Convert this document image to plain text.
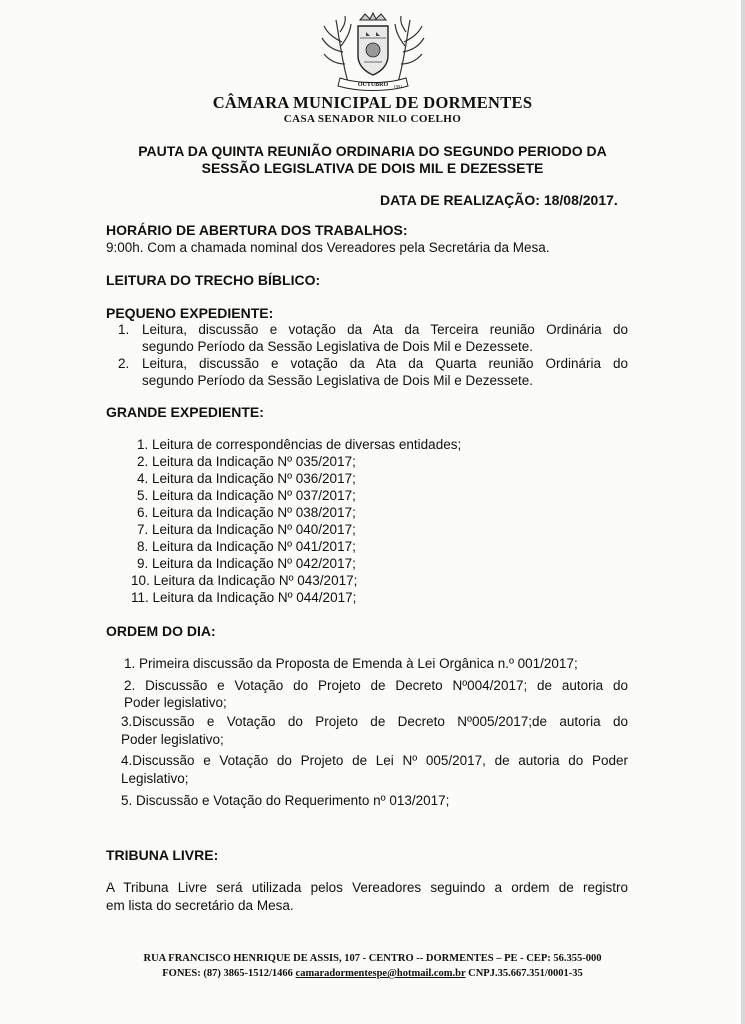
OUTUBRO 1991
CÂMARA MUNICIPAL DE DORMENTES
CASA SENADOR NILO COELHO
PAUTA DA QUINTA REUNIÃO ORDINARIA DO SEGUNDO PERIODO DA
SESSÃO LEGISLATIVA DE DOIS MIL E DEZESSETE
DATA DE REALIZAÇÃO: 18/08/2017.
HORÁRIO DE ABERTURA DOS TRABALHOS:
9:00h. Com a chamada nominal dos Vereadores pela Secretária da Mesa.
LEITURA DO TRECHO BÍBLICO:
PEQUENO EXPEDIENTE:
1. Leitura, discussão e votação da Ata da Terceira reunião Ordinária do
segundo Período da Sessão Legislativa de Dois Mil e Dezessete.
2. Leitura, discussão e votação da Ata da Quarta reunião Ordinária do
segundo Período da Sessão Legislativa de Dois Mil e Dezessete.
GRANDE EXPEDIENTE:
1. Leitura de correspondências de diversas entidades;
2. Leitura da Indicação Nº 035/2017;
4. Leitura da Indicação Nº 036/2017;
5. Leitura da Indicação Nº 037/2017;
6. Leitura da Indicação Nº 038/2017;
7. Leitura da Indicação Nº 040/2017;
8. Leitura da Indicação Nº 041/2017;
9. Leitura da Indicação Nº 042/2017;
10. Leitura da Indicação Nº 043/2017;
11. Leitura da Indicação Nº 044/2017;
ORDEM DO DIA:
1. Primeira discussão da Proposta de Emenda à Lei Orgânica n.º 001/2017;
2. Discussão e Votação do Projeto de Decreto Nº004/2017; de autoria do
Poder legislativo;
3.Discussão e Votação do Projeto de Decreto Nº005/2017;de autoria do
Poder legislativo;
4.Discussão e Votação do Projeto de Lei Nº 005/2017, de autoria do Poder
Legislativo;
5. Discussão e Votação do Requerimento nº 013/2017;
TRIBUNA LIVRE:
A Tribuna Livre será utilizada pelos Vereadores seguindo a ordem de registro
em lista do secretário da Mesa.
RUA FRANCISCO HENRIQUE DE ASSIS, 107 - CENTRO -- DORMENTES – PE - CEP: 56.355-000
FONES: (87) 3865-1512/1466 camaradormentespe@hotmail.com.br CNPJ.35.667.351/0001-35
